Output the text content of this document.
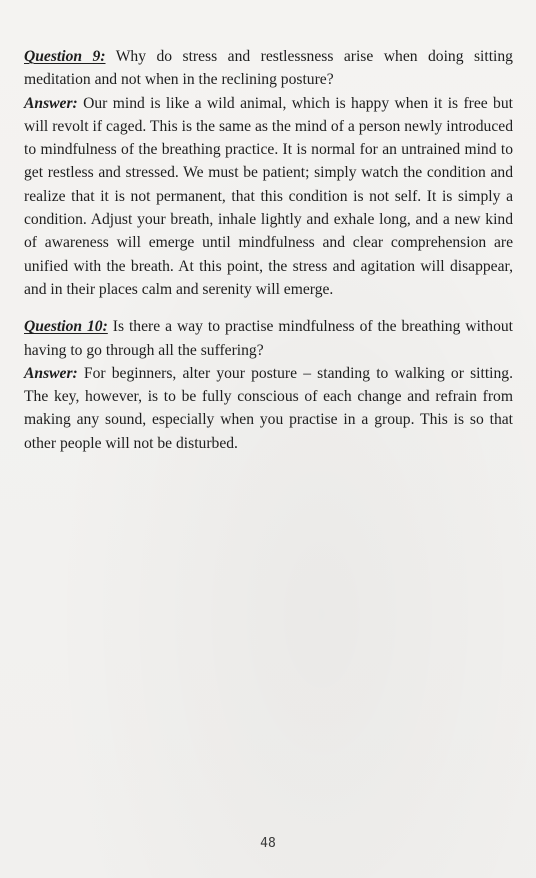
Question 9: Why do stress and restlessness arise when doing sitting meditation and not when in the reclining posture?

Answer: Our mind is like a wild animal, which is happy when it is free but will revolt if caged. This is the same as the mind of a person newly introduced to mindfulness of the breathing practice. It is normal for an untrained mind to get restless and stressed. We must be patient; simply watch the condition and realize that it is not permanent, that this condition is not self. It is simply a condition. Adjust your breath, inhale lightly and exhale long, and a new kind of awareness will emerge until mindfulness and clear comprehension are unified with the breath. At this point, the stress and agitation will disappear, and in their places calm and serenity will emerge.

Question 10: Is there a way to practise mindfulness of the breathing without having to go through all the suffering?

Answer: For beginners, alter your posture – standing to walking or sitting. The key, however, is to be fully conscious of each change and refrain from making any sound, especially when you practise in a group. This is so that other people will not be disturbed.

48
